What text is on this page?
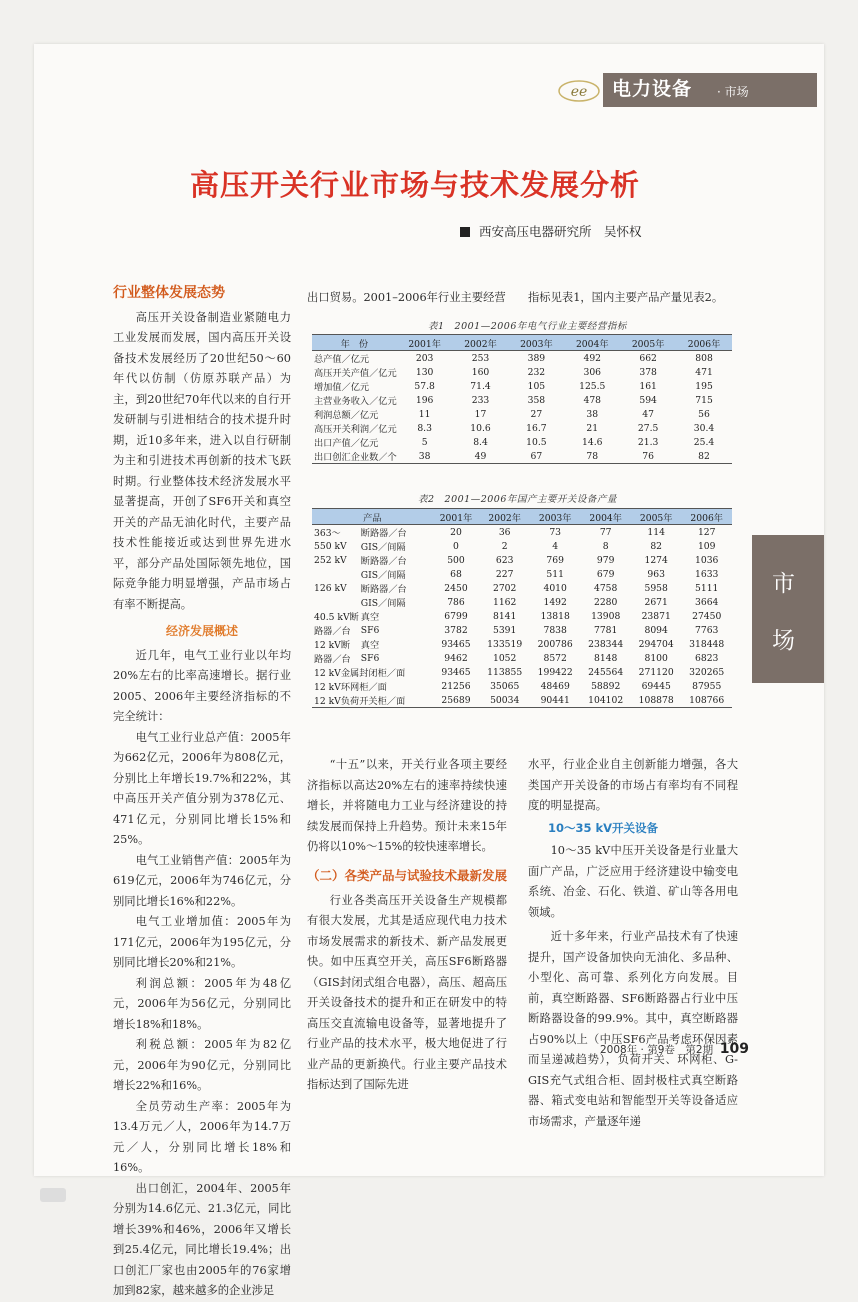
ee 电力设备 · 市场
高压开关行业市场与技术发展分析
西安高压电器研究所　吴怀权
行业整体发展态势

高压开关设备制造业紧随电力工业发展而发展，国内高压开关设备技术发展经历了20世纪50～60年代以仿制（仿原苏联产品）为主，到20世纪70年代以来的自行开发研制与引进相结合的技术提升时期，近10多年来，进入以自行研制为主和引进技术再创新的技术飞跃时期。行业整体技术经济发展水平显著提高，开创了SF6开关和真空开关的产品无油化时代，主要产品技术性能接近或达到世界先进水平，部分产品处国际领先地位，国际竞争能力明显增强，产品市场占有率不断提高。

经济发展概述

近几年，电气工业行业以年均20%左右的比率高速增长。据行业2005、2006年主要经济指标的不完全统计：

电气工业行业总产值：2005年为662亿元，2006年为808亿元，分别比上年增长19.7%和22%，其中高压开关产值分别为378亿元、471亿元，分别同比增长15%和25%。

电气工业销售产值：2005年为619亿元，2006年为746亿元，分别同比增长16%和22%。

电气工业增加值：2005年为171亿元，2006年为195亿元，分别同比增长20%和21%。

利润总额：2005年为48亿元，2006年为56亿元，分别同比增长18%和18%。

利税总额：2005年为82亿元，2006年为90亿元，分别同比增长22%和16%。

全员劳动生产率：2005年为13.4万元／人，2006年为14.7万元／人，分别同比增长18%和16%。

出口创汇，2004年、2005年分别为14.6亿元、21.3亿元，同比增长39%和46%，2006年又增长到25.4亿元，同比增长19.4%；出口创汇厂家也由2005年的76家增加到82家，越来越多的企业涉足

出口贸易。2001–2006年行业主要经营	指标见表1，国内主要产品产量见表2。

表1　2001—2006年电气行业主要经营指标
年　份	2001年	2002年	2003年	2004年	2005年	2006年
总产值／亿元	203	253	389	492	662	808
高压开关产值／亿元	130	160	232	306	378	471
增加值／亿元	57.8	71.4	105	125.5	161	195
主营业务收入／亿元	196	233	358	478	594	715
利润总额／亿元	11	17	27	38	47	56
高压开关利润／亿元	8.3	10.6	16.7	21	27.5	30.4
出口产值／亿元	5	8.4	10.5	14.6	21.3	25.4
出口创汇企业数／个	38	49	67	78	76	82
表2　2001—2006年国产主要开关设备产量
产品		2001年	2002年	2003年	2004年	2005年	2006年
363～	断路器／台	20	36	73	77	114	127
550 kV	GIS／间隔	0	2	4	8	82	109
252 kV	断路器／台	500	623	769	979	1274	1036
	GIS／间隔	68	227	511	679	963	1633
126 kV	断路器／台	2450	2702	4010	4758	5958	5111
	GIS／间隔	786	1162	1492	2280	2671	3664
40.5 kV断	真空	6799	8141	13818	13908	23871	27450
路器／台	SF6	3782	5391	7838	7781	8094	7763
12 kV断	真空	93465	133519	200786	238344	294704	318448
路器／台	SF6	9462	1052	8572	8148	8100	6823
12 kV金属封闭柜／面		93465	113855	199422	245564	271120	320265
12 kV环网柜／面		21256	35065	48469	58892	69445	87955
12 kV负荷开关柜／面		25689	50034	90441	104102	108878	108766

“十五”以来，开关行业各项主要经济指标以高达20%左右的速率持续快速增长，并将随电力工业与经济建设的持续发展而保持上升趋势。预计未来15年仍将以10%～15%的较快速率增长。

（二）各类产品与试验技术最新发展

行业各类高压开关设备生产规模都有很大发展，尤其是适应现代电力技术市场发展需求的新技术、新产品发展更快。如中压真空开关，高压SF6断路器（GIS封闭式组合电器），高压、超高压开关设备技术的提升和正在研发中的特高压交直流输电设备等，显著地提升了行业产品的技术水平，极大地促进了行业产品的更新换代。行业主要产品技术指标达到了国际先进

水平，行业企业自主创新能力增强，各大类国产开关设备的市场占有率均有不同程度的明显提高。

10～35 kV开关设备

10～35 kV中压开关设备是行业量大面广产品，广泛应用于经济建设中输变电系统、冶金、石化、铁道、矿山等各用电领域。

近十多年来，行业产品技术有了快速提升，国产设备加快向无油化、多品种、小型化、高可靠、系列化方向发展。目前，真空断路器、SF6断路器占行业中压断路器设备的99.9%。其中，真空断路器占90%以上（中压SF6产品考虑环保因素而呈递减趋势），负荷开关、环网柜、G-GIS充气式组合柜、固封极柱式真空断路器、箱式变电站和智能型开关等设备适应市场需求，产量逐年递

市
场
2008年 · 第9卷　第2期 109
